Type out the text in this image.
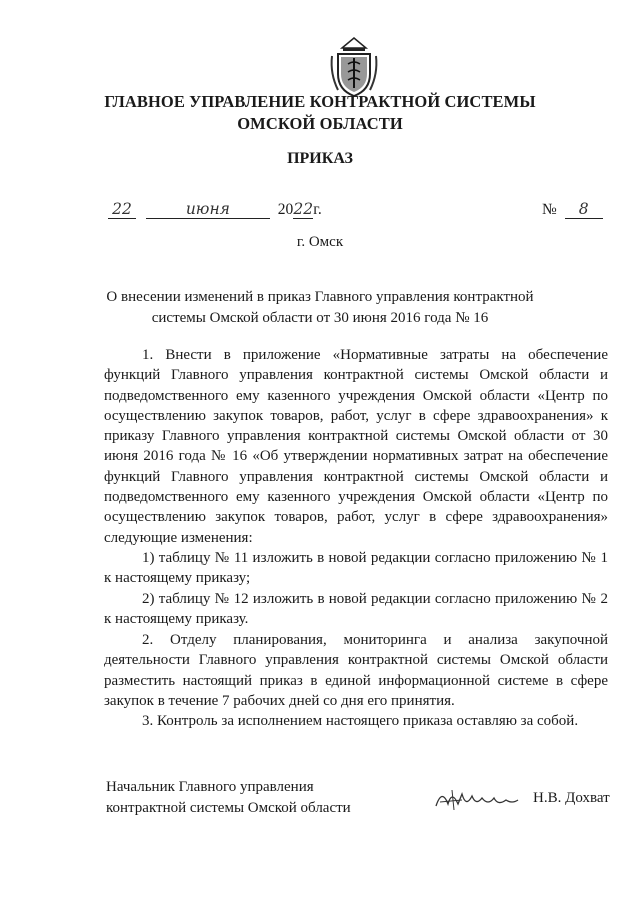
ГЛАВНОЕ УПРАВЛЕНИЕ КОНТРАКТНОЙ СИСТЕМЫ
ОМСКОЙ ОБЛАСТИ
ПРИКАЗ
22	июня	2022г.	№ 8
г. Омск
О внесении изменений в приказ Главного управления контрактной
системы Омской области от 30 июня 2016 года № 16
1. Внести в приложение «Нормативные затраты на обеспечение функций Главного управления контрактной системы Омской области и подведомственного ему казенного учреждения Омской области «Центр по осуществлению закупок товаров, работ, услуг в сфере здравоохранения» к приказу Главного управления контрактной системы Омской области от 30 июня 2016 года № 16 «Об утверждении нормативных затрат на обеспечение функций Главного управления контрактной системы Омской области и подведомственного ему казенного учреждения Омской области «Центр по осуществлению закупок товаров, работ, услуг в сфере здравоохранения» следующие изменения:
1) таблицу № 11 изложить в новой редакции согласно приложению № 1 к настоящему приказу;
2) таблицу № 12 изложить в новой редакции согласно приложению № 2 к настоящему приказу.
2. Отделу планирования, мониторинга и анализа закупочной деятельности Главного управления контрактной системы Омской области разместить настоящий приказ в единой информационной системе в сфере закупок в течение 7 рабочих дней со дня его принятия.
3. Контроль за исполнением настоящего приказа оставляю за собой.
Начальник Главного управления
контрактной системы Омской области
Н.В. Дохват
